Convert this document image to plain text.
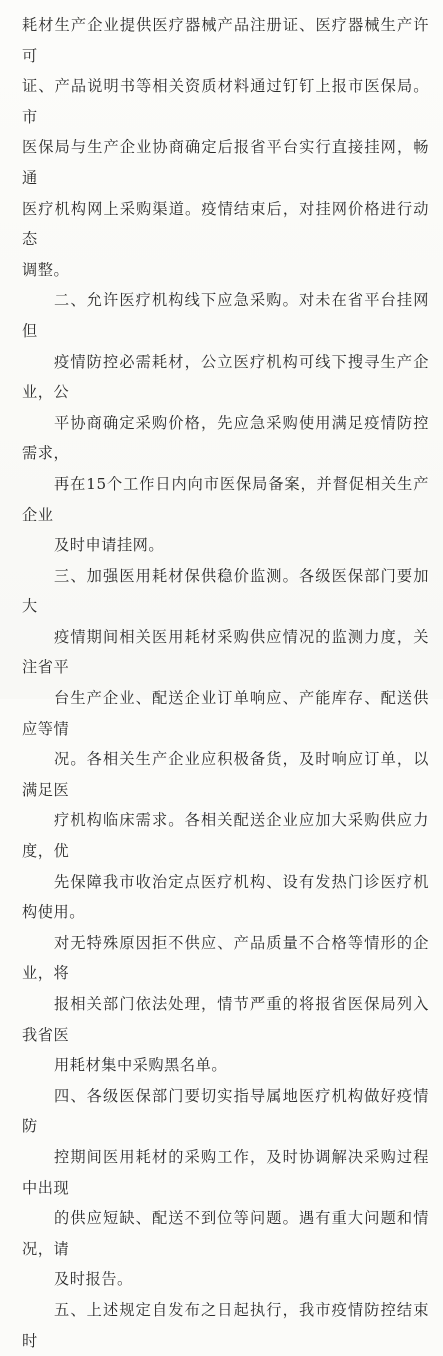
耗材生产企业提供医疗器械产品注册证、医疗器械生产许可
证、产品说明书等相关资质材料通过钉钉上报市医保局。市
医保局与生产企业协商确定后报省平台实行直接挂网，畅通
医疗机构网上采购渠道。疫情结束后，对挂网价格进行动态
调整。

二、允许医疗机构线下应急采购。对未在省平台挂网但
疫情防控必需耗材，公立医疗机构可线下搜寻生产企业，公
平协商确定采购价格，先应急采购使用满足疫情防控需求，
再在15个工作日内向市医保局备案，并督促相关生产企业
及时申请挂网。

三、加强医用耗材保供稳价监测。各级医保部门要加大
疫情期间相关医用耗材采购供应情况的监测力度，关注省平
台生产企业、配送企业订单响应、产能库存、配送供应等情
况。各相关生产企业应积极备货，及时响应订单，以满足医
疗机构临床需求。各相关配送企业应加大采购供应力度，优
先保障我市收治定点医疗机构、设有发热门诊医疗机构使用。
对无特殊原因拒不供应、产品质量不合格等情形的企业，将
报相关部门依法处理，情节严重的将报省医保局列入我省医
用耗材集中采购黑名单。

四、各级医保部门要切实指导属地医疗机构做好疫情防
控期间医用耗材的采购工作，及时协调解决采购过程中出现
的供应短缺、配送不到位等问题。遇有重大问题和情况，请
及时报告。

五、上述规定自发布之日起执行，我市疫情防控结束时
